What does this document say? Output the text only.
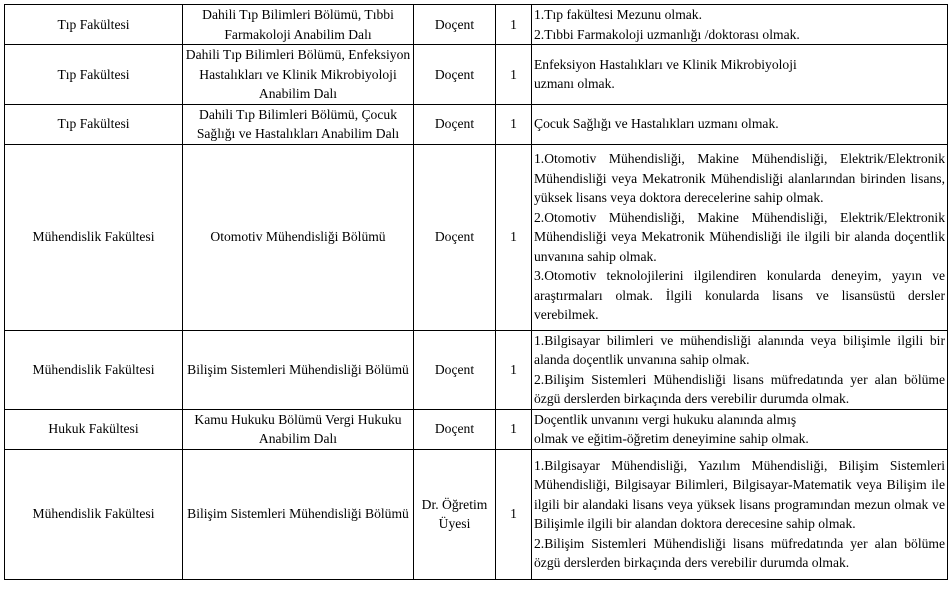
Tıp Fakültesi	Dahili Tıp Bilimleri Bölümü, Tıbbi Farmakoloji Anabilim Dalı	Doçent	1	1.Tıp fakültesi Mezunu olmak.
2.Tıbbi Farmakoloji uzmanlığı /doktorası olmak.

Tıp Fakültesi	Dahili Tıp Bilimleri Bölümü, Enfeksiyon Hastalıkları ve Klinik Mikrobiyoloji Anabilim Dalı	Doçent	1	Enfeksiyon Hastalıkları ve Klinik Mikrobiyoloji
uzmanı olmak.

Tıp Fakültesi	Dahili Tıp Bilimleri Bölümü, Çocuk Sağlığı ve Hastalıkları Anabilim Dalı	Doçent	1	Çocuk Sağlığı ve Hastalıkları uzmanı olmak.

Mühendislik Fakültesi	Otomotiv Mühendisliği Bölümü	Doçent	1	1.Otomotiv Mühendisliği, Makine Mühendisliği, Elektrik/Elektronik Mühendisliği veya Mekatronik Mühendisliği alanlarından birinden lisans, yüksek lisans veya doktora derecelerine sahip olmak.
2.Otomotiv Mühendisliği, Makine Mühendisliği, Elektrik/Elektronik Mühendisliği veya Mekatronik Mühendisliği ile ilgili bir alanda doçentlik unvanına sahip olmak.
3.Otomotiv teknolojilerini ilgilendiren konularda deneyim, yayın ve araştırmaları olmak. İlgili konularda lisans ve lisansüstü dersler verebilmek.

Mühendislik Fakültesi	Bilişim Sistemleri Mühendisliği Bölümü	Doçent	1	1.Bilgisayar bilimleri ve mühendisliği alanında veya bilişimle ilgili bir alanda doçentlik unvanına sahip olmak.
2.Bilişim Sistemleri Mühendisliği lisans müfredatında yer alan bölüme özgü derslerden birkaçında ders verebilir durumda olmak.

Hukuk Fakültesi	Kamu Hukuku Bölümü Vergi Hukuku Anabilim Dalı	Doçent	1	Doçentlik unvanını vergi hukuku alanında almış
olmak ve eğitim-öğretim deneyimine sahip olmak.

Mühendislik Fakültesi	Bilişim Sistemleri Mühendisliği Bölümü	Dr. Öğretim Üyesi	1	1.Bilgisayar Mühendisliği, Yazılım Mühendisliği, Bilişim Sistemleri Mühendisliği, Bilgisayar Bilimleri, Bilgisayar-Matematik veya Bilişim ile ilgili bir alandaki lisans veya yüksek lisans programından mezun olmak ve Bilişimle ilgili bir alandan doktora derecesine sahip olmak.
2.Bilişim Sistemleri Mühendisliği lisans müfredatında yer alan bölüme özgü derslerden birkaçında ders verebilir durumda olmak.
